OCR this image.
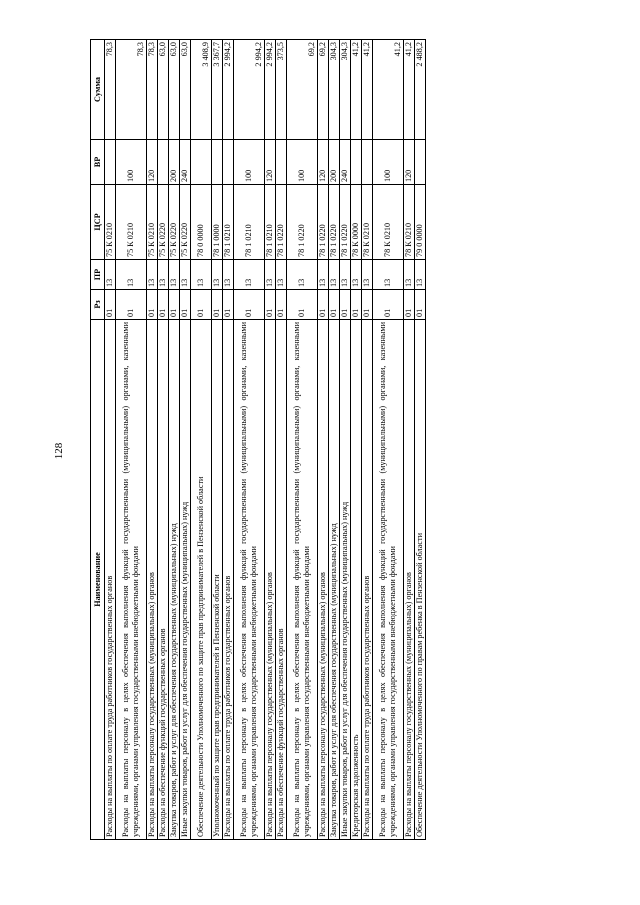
128
Наименование	Рз	ПР	ЦСР	ВР	Сумма
Расходы на выплаты по оплате труда работников государственных органов	01	13	75 К 0210		78,3
Расходы на выплаты персоналу в целях обеспечения выполнения функций государственными (муниципальными) органами, казенными учреждениями, органами управления государственными внебюджетными фондами	01	13	75 К 0210	100	78,3
Расходы на выплаты персоналу государственных (муниципальных) органов	01	13	75 К 0210	120	78,3
Расходы на обеспечение функций государственных органов	01	13	75 К 0220		63,0
Закупка товаров, работ и услуг для обеспечения государственных (муниципальных) нужд	01	13	75 К 0220	200	63,0
Иные закупки товаров, работ и услуг для обеспечения государственных (муниципальных) нужд	01	13	75 К 0220	240	63,0
Обеспечение деятельности Уполномоченного по защите прав предпринимателей в Пензенской области	01	13	78 0 0000		3 408,9
Уполномоченный по защите прав предпринимателей в Пензенской области	01	13	78 1 0000		3 367,7
Расходы на выплаты по оплате труда работников государственных органов	01	13	78 1 0210		2 994,2
Расходы на выплаты персоналу в целях обеспечения выполнения функций государственными (муниципальными) органами, казенными учреждениями, органами управления государственными внебюджетными фондами	01	13	78 1 0210	100	2 994,2
Расходы на выплаты персоналу государственных (муниципальных) органов	01	13	78 1 0210	120	2 994,2
Расходы на обеспечение функций государственных органов	01	13	78 1 0220		373,5
Расходы на выплаты персоналу в целях обеспечения выполнения функций государственными (муниципальными) органами, казенными учреждениями, органами управления государственными внебюджетными фондами	01	13	78 1 0220	100	69,2
Расходы на выплаты персоналу государственных (муниципальных) органов	01	13	78 1 0220	120	69,2
Закупка товаров, работ и услуг для обеспечения государственных (муниципальных) нужд	01	13	78 1 0220	200	304,3
Иные закупки товаров, работ и услуг для обеспечения государственных (муниципальных) нужд	01	13	78 1 0220	240	304,3
Кредиторская задолженность	01	13	78 К 0000		41,2
Расходы на выплаты по оплате труда работников государственных органов	01	13	78 К 0210		41,2
Расходы на выплаты персоналу в целях обеспечения выполнения функций государственными (муниципальными) органами, казенными учреждениями, органами управления государственными внебюджетными фондами	01	13	78 К 0210	100	41,2
Расходы на выплаты персоналу государственных (муниципальных) органов	01	13	78 К 0210	120	41,2
Обеспечение деятельности Уполномоченного по правам ребенка в Пензенской области	01	13	79 0 0000		2 488,2
